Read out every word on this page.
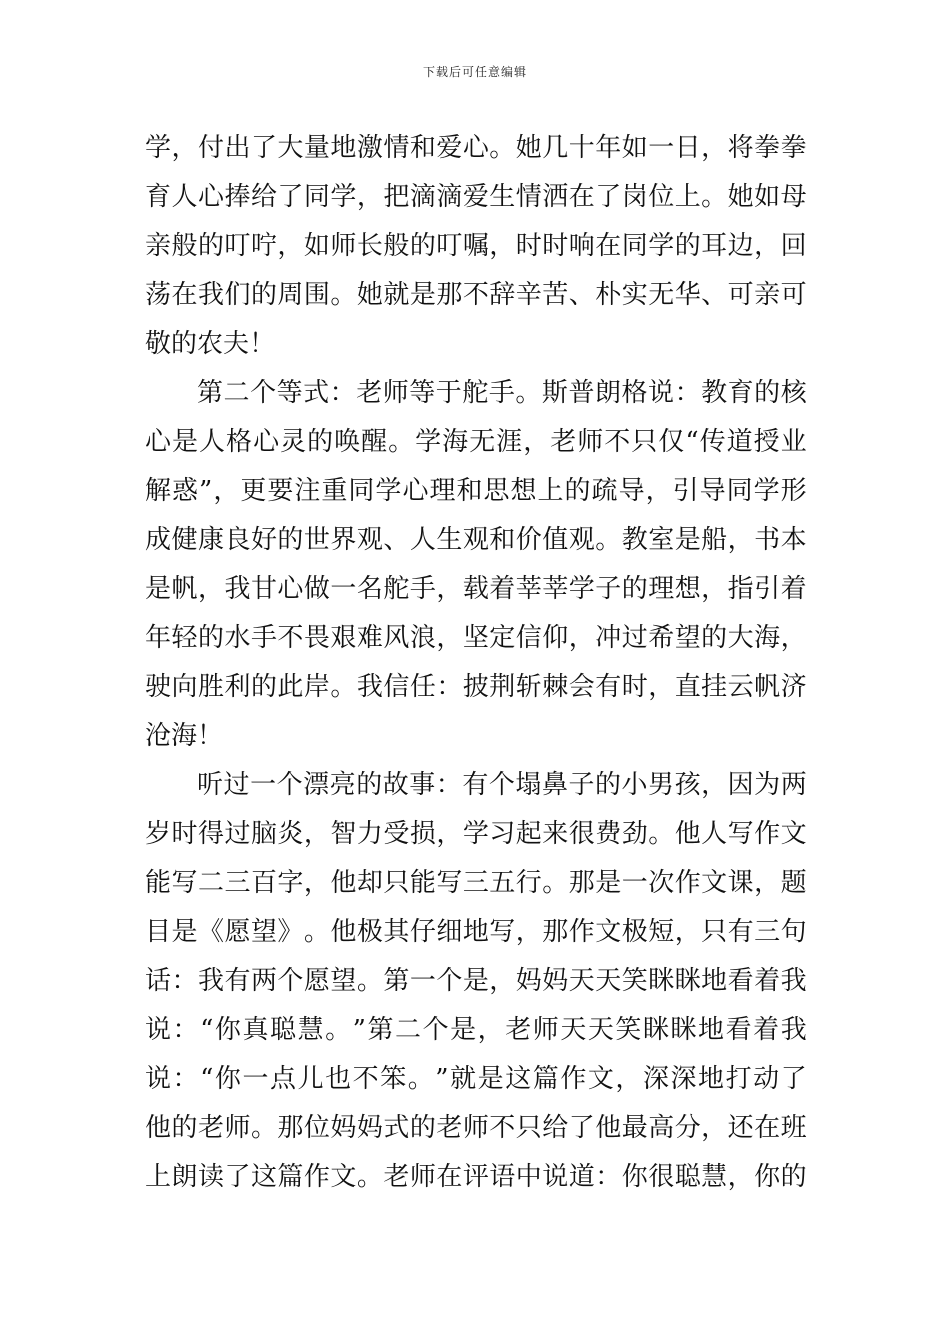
下载后可任意编辑
学 ， 付 出 了 大 量 地 激 情 和 爱 心 。 她 几 十 年 如 一 日 ， 将 拳 拳
育 人 心 捧 给 了 同 学 ， 把 滴 滴 爱 生 情 洒 在 了 岗 位 上 。 她 如 母
亲 般 的 叮 咛 ， 如 师 长 般 的 叮 嘱 ， 时 时 响 在 同 学 的 耳 边 ， 回
荡 在 我 们 的 周 围 。 她 就 是 那 不 辞 辛 苦 、 朴 实 无 华 、 可 亲 可
敬 的 农 夫 ！
第 二 个 等 式 ： 老 师 等 于 舵 手 。 斯 普 朗 格 说 ： 教 育 的 核
心 是 人 格 心 灵 的 唤 醒 。 学 海 无 涯 ， 老 师 不 只 仅 “ 传 道 授 业
解 惑 ” ， 更 要 注 重 同 学 心 理 和 思 想 上 的 疏 导 ， 引 导 同 学 形
成 健 康 良 好 的 世 界 观 、 人 生 观 和 价 值 观 。 教 室 是 船 ， 书 本
是 帆 ， 我 甘 心 做 一 名 舵 手 ， 载 着 莘 莘 学 子 的 理 想 ， 指 引 着
年 轻 的 水 手 不 畏 艰 难 风 浪 ， 坚 定 信 仰 ， 冲 过 希 望 的 大 海 ，
驶 向 胜 利 的 此 岸 。 我 信 任 ： 披 荆 斩 棘 会 有 时 ， 直 挂 云 帆 济
沧 海 ！
听 过 一 个 漂 亮 的 故 事 ： 有 个 塌 鼻 子 的 小 男 孩 ， 因 为 两
岁 时 得 过 脑 炎 ， 智 力 受 损 ， 学 习 起 来 很 费 劲 。 他 人 写 作 文
能 写 二 三 百 字 ， 他 却 只 能 写 三 五 行 。 那 是 一 次 作 文 课 ， 题
目 是 《 愿 望 》 。 他 极 其 仔 细 地 写 ， 那 作 文 极 短 ， 只 有 三 句
话 ： 我 有 两 个 愿 望 。 第 一 个 是 ， 妈 妈 天 天 笑 眯 眯 地 看 着 我
说 ： “ 你 真 聪 慧 。 ” 第 二 个 是 ， 老 师 天 天 笑 眯 眯 地 看 着 我
说 ： “ 你 一 点 儿 也 不 笨 。 ” 就 是 这 篇 作 文 ， 深 深 地 打 动 了
他 的 老 师 。 那 位 妈 妈 式 的 老 师 不 只 给 了 他 最 高 分 ， 还 在 班
上 朗 读 了 这 篇 作 文 。 老 师 在 评 语 中 说 道 ： 你 很 聪 慧 ， 你 的
